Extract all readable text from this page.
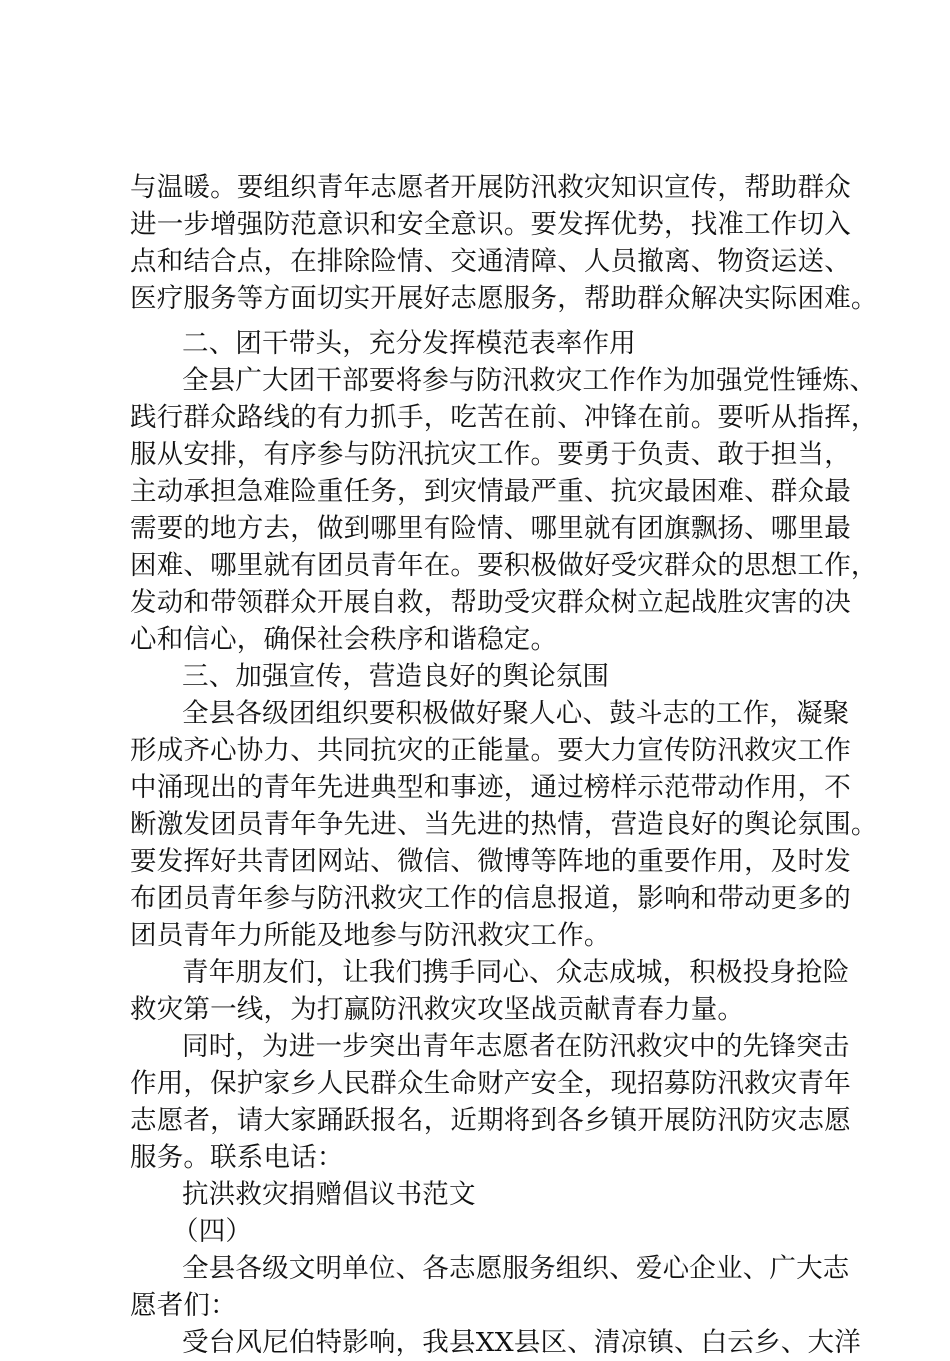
与温暖。要组织青年志愿者开展防汛救灾知识宣传，帮助群众
进一步增强防范意识和安全意识。要发挥优势，找准工作切入
点和结合点，在排除险情、交通清障、人员撤离、物资运送、
医疗服务等方面切实开展好志愿服务，帮助群众解决实际困难。
二、团干带头，充分发挥模范表率作用
全县广大团干部要将参与防汛救灾工作作为加强党性锤炼、
践行群众路线的有力抓手，吃苦在前、冲锋在前。要听从指挥，
服从安排，有序参与防汛抗灾工作。要勇于负责、敢于担当，
主动承担急难险重任务，到灾情最严重、抗灾最困难、群众最
需要的地方去，做到哪里有险情、哪里就有团旗飘扬、哪里最
困难、哪里就有团员青年在。要积极做好受灾群众的思想工作，
发动和带领群众开展自救，帮助受灾群众树立起战胜灾害的决
心和信心，确保社会秩序和谐稳定。
三、加强宣传，营造良好的舆论氛围
全县各级团组织要积极做好聚人心、鼓斗志的工作，凝聚
形成齐心协力、共同抗灾的正能量。要大力宣传防汛救灾工作
中涌现出的青年先进典型和事迹，通过榜样示范带动作用，不
断激发团员青年争先进、当先进的热情，营造良好的舆论氛围。
要发挥好共青团网站、微信、微博等阵地的重要作用，及时发
布团员青年参与防汛救灾工作的信息报道，影响和带动更多的
团员青年力所能及地参与防汛救灾工作。
青年朋友们，让我们携手同心、众志成城，积极投身抢险
救灾第一线，为打赢防汛救灾攻坚战贡献青春力量。
同时，为进一步突出青年志愿者在防汛救灾中的先锋突击
作用，保护家乡人民群众生命财产安全，现招募防汛救灾青年
志愿者，请大家踊跃报名，近期将到各乡镇开展防汛防灾志愿
服务。联系电话：
抗洪救灾捐赠倡议书范文
（四）
全县各级文明单位、各志愿服务组织、爱心企业、广大志
愿者们：
受台风尼伯特影响，我县XX县区、清凉镇、白云乡、大洋
